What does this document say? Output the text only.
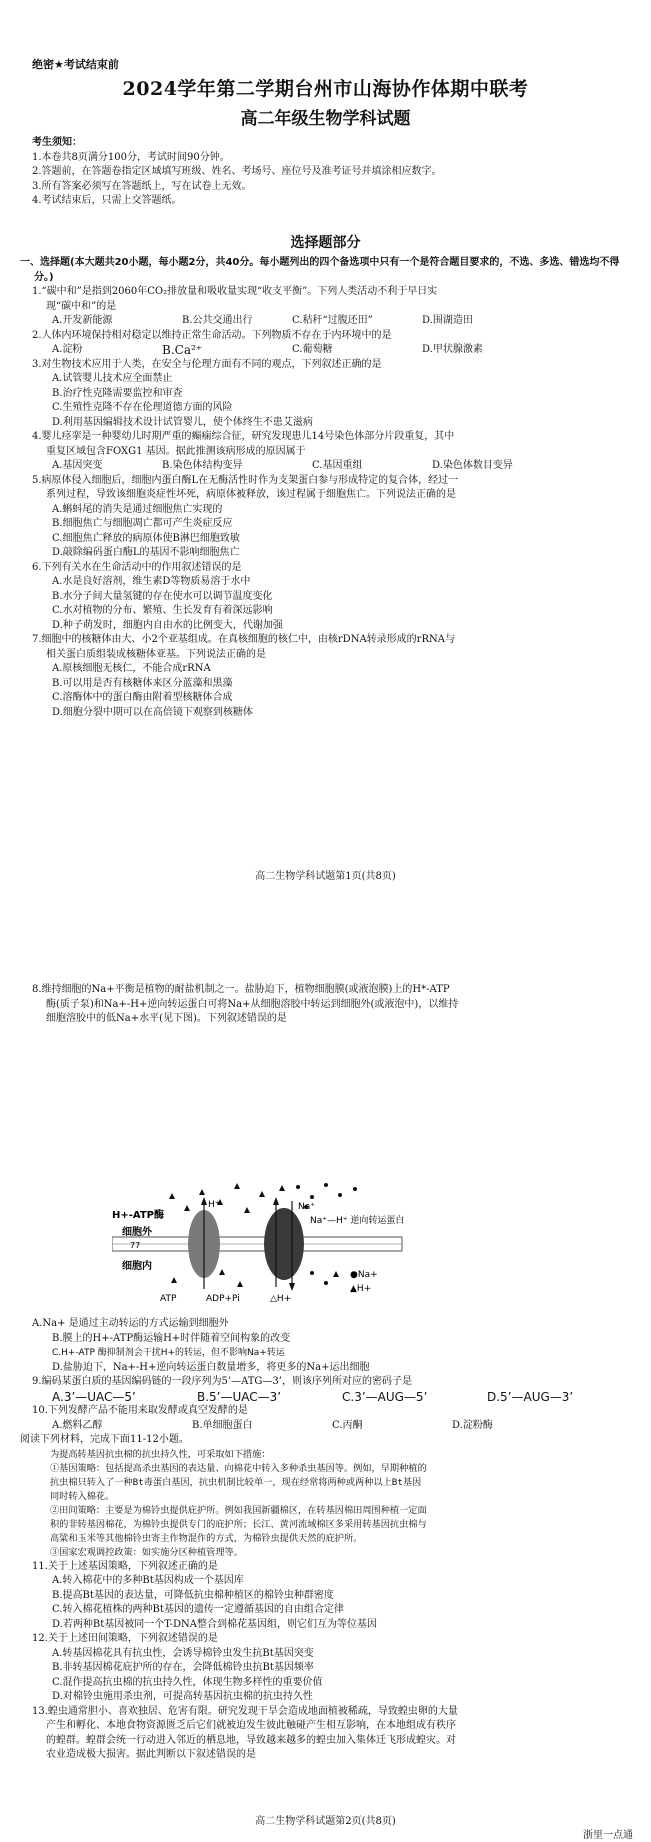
绝密★考试结束前
2024学年第二学期台州市山海协作体期中联考
高二年级生物学科试题

考生须知：

1.本卷共8页满分100分，考试时间90分钟。

2.答题前，在答题卷指定区域填写班级、姓名、考场号、座位号及准考证号并填涂相应数字。

3.所有答案必须写在答题纸上，写在试卷上无效。

4.考试结束后，只需上交答题纸。

选择题部分

一、选择题(本大题共20小题，每小题2分，共40分。每小题列出的四个备选项中只有一个是符合题目要求的，不选、多选、错选均不得分。)

1.“碳中和”是指到2060年CO₂排放量和吸收量实现“收支平衡”。下列人类活动不利于早日实

现“碳中和”的是

A.开发新能源	B.公共交通出行	C.秸秆“过腹还田”	D.围湖造田

2.人体内环境保持相对稳定以维持正常生命活动。下列物质不存在于内环境中的是

A.淀粉	B.Ca²⁺	C.葡萄糖	D.甲状腺激素

3.对生物技术应用于人类，在安全与伦理方面有不同的观点，下列叙述正确的是

A.试管婴儿技术应全面禁止

B.治疗性克隆需要监控和审查

C.生殖性克隆不存在伦理道德方面的风险

D.利用基因编辑技术设计试管婴儿，使个体终生不患艾滋病

4.婴儿痉挛是一种婴幼儿时期严重的癫痫综合征，研究发现患儿14号染色体部分片段重复，其中

重复区域包含FOXG1 基因。据此推测该病形成的原因属于

A.基因突变	B.染色体结构变异	C.基因重组	D.染色体数目变异

5.病原体侵入细胞后，细胞内蛋白酶L在无酶活性时作为支架蛋白参与形成特定的复合体，经过一

系列过程，导致该细胞炎症性坏死，病原体被释放，该过程属于细胞焦亡。下列说法正确的是

A.蝌蚪尾的消失是通过细胞焦亡实现的

B.细胞焦亡与细胞凋亡都可产生炎症反应

C.细胞焦亡释放的病原体使B淋巴细胞致敏

D.敲除编码蛋白酶L的基因不影响细胞焦亡

6.下列有关水在生命活动中的作用叙述错误的是

A.水是良好溶剂，维生素D等物质易溶于水中

B.水分子间大量氢键的存在使水可以调节温度变化

C.水对植物的分布、繁殖、生长发育有着深远影响

D.种子萌发时，细胞内自由水的比例变大，代谢加强

7.细胞中的核糖体由大、小2个亚基组成。在真核细胞的核仁中，由核rDNA转录形成的rRNA与

相关蛋白质组装成核糖体亚基。下列说法正确的是

A.原核细胞无核仁，不能合成rRNA

B.可以用是否有核糖体来区分蓝藻和黑藻

C.溶酶体中的蛋白酶由附着型核糖体合成

D.细胞分裂中期可以在高倍镜下观察到核糖体

高二生物学科试题第1页(共8页)

8.维持细胞的Na+平衡是植物的耐盐机制之一。盐胁迫下，植物细胞膜(或液泡膜)上的H*-ATP

酶(质子泵)和Na+-H+逆向转运蛋白可将Na+从细胞溶胶中转运到细胞外(或液泡中)，以维持

细胞溶胶中的低Na+水平(见下图)。下列叙述错误的是

H+-ATP酶
细胞外
77
细胞内
H⁺	Na⁺
Na⁺—H⁺ 逆向转运蛋白
ATP	ADP+Pi	△H+
●Na+
▲H+

A.Na+ 是通过主动转运的方式运输到细胞外

B.膜上的H+-ATP酶运输H+时伴随着空间构象的改变

C.H+-ATP 酶抑制剂会干扰H+的转运，但不影响Na+转运

D.盐胁迫下，Na+-H+逆向转运蛋白数量增多，将更多的Na+运出细胞

9.编码某蛋白质的基因编码链的一段序列为5’—ATG—3’，则该序列所对应的密码子是

A.3’—UAC—5’	B.5’—UAC—3’	C.3’—AUG—5’	D.5’—AUG—3’

10.下列发酵产品不能用来取发酵或真空发酵的是

A.燃料乙醇	B.单细胞蛋白	C.丙酮	D.淀粉酶

阅读下列材料，完成下面11-12小题。

为提高转基因抗虫棉的抗虫持久性，可采取如下措施：

①基因策略：包括提高杀虫基因的表达量、向棉花中转入多种杀虫基因等。例如，早期种植的

抗虫棉只转入了一种Bt毒蛋白基因，抗虫机制比较单一，现在经常将两种或两种以上Bt基因

同时转入棉花。

②田间策略：主要是为棉铃虫提供庇护所。例如我国新疆棉区，在转基因棉田周围种植一定面

积的非转基因棉花，为棉铃虫提供专门的庇护所；长江、黄河流域棉区多采用转基因抗虫棉与

高粱和玉米等其他棉铃虫寄主作物混作的方式，为棉铃虫提供天然的庇护所。

③国家宏观调控政策：如实施分区种植管理等。

11.关于上述基因策略，下列叙述正确的是

A.转入棉花中的多种Bt基因构成一个基因库

B.提高Bt基因的表达量，可降低抗虫棉种植区的棉铃虫种群密度

C.转入棉花植株的两种Bt基因的遗传一定遵循基因的自由组合定律

D.若两种Bt基因被同一个T-DNA整合到棉花基因组，则它们互为等位基因

12.关于上述田间策略，下列叙述错误的是

A.转基因棉花具有抗虫性，会诱导棉铃虫发生抗Bt基因突变

B.非转基因棉花庇护所的存在，会降低棉铃虫抗Bt基因频率

C.混作提高抗虫棉的抗虫持久性，体现生物多样性的重要价值

D.对棉铃虫施用杀虫剂，可提高转基因抗虫棉的抗虫持久性

13.蝗虫通常胆小、喜欢独居、危害有限。研究发现干旱会造成地面植被稀疏，导致蝗虫卵的大量

产生和孵化、本地食物资源匮乏后它们就被迫发生彼此触碰产生相互影响，在本地组成有秩序

的蝗群。蝗群会统一行动进入邻近的栖息地，导致越来越多的蝗虫加入集体迁飞形成蝗灾。对

农业造成极大损害。据此判断以下叙述错误的是

高二生物学科试题第2页(共8页)
浙里一点通
